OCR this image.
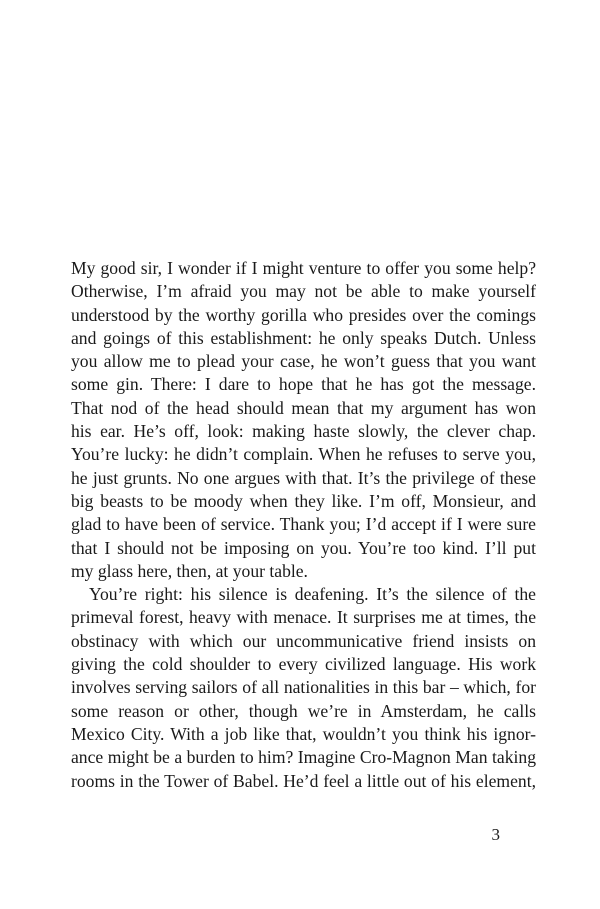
My good sir, I wonder if I might venture to offer you some help?
Otherwise, I’m afraid you may not be able to make yourself
understood by the worthy gorilla who presides over the comings
and goings of this establishment: he only speaks Dutch. Unless
you allow me to plead your case, he won’t guess that you want
some gin. There: I dare to hope that he has got the message.
That nod of the head should mean that my argument has won
his ear. He’s off, look: making haste slowly, the clever chap.
You’re lucky: he didn’t complain. When he refuses to serve you,
he just grunts. No one argues with that. It’s the privilege of these
big beasts to be moody when they like. I’m off, Monsieur, and
glad to have been of service. Thank you; I’d accept if I were sure
that I should not be imposing on you. You’re too kind. I’ll put
my glass here, then, at your table.
You’re right: his silence is deafening. It’s the silence of the
primeval forest, heavy with menace. It surprises me at times, the
obstinacy with which our uncommunicative friend insists on
giving the cold shoulder to every civilized language. His work
involves serving sailors of all nationalities in this bar – which, for
some reason or other, though we’re in Amsterdam, he calls
Mexico City. With a job like that, wouldn’t you think his ignor-
ance might be a burden to him? Imagine Cro-Magnon Man taking
rooms in the Tower of Babel. He’d feel a little out of his element,
3
